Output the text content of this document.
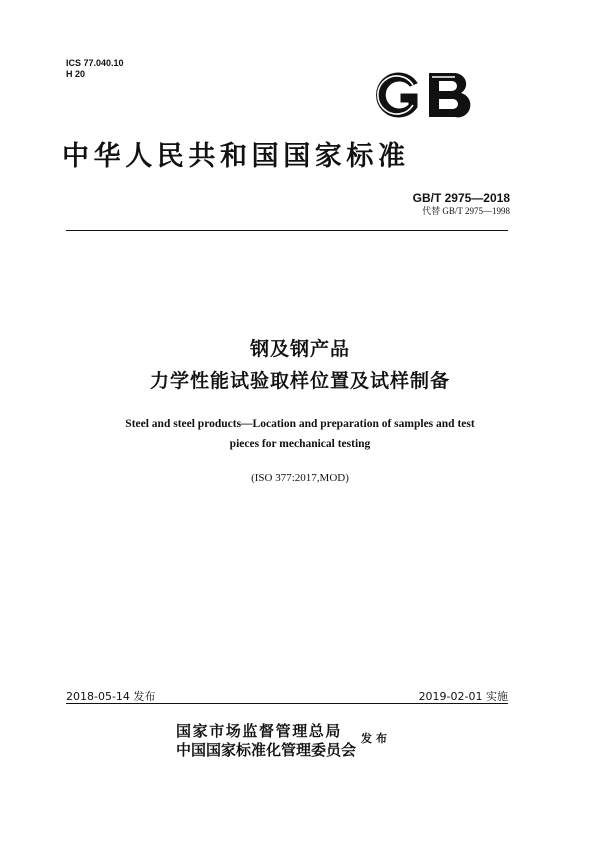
ICS 77.040.10
H 20
中华人民共和国国家标准
GB/T 2975—2018
代替 GB/T 2975—1998
钢及钢产品
力学性能试验取样位置及试样制备
Steel and steel products—Location and preparation of samples and test
pieces for mechanical testing
(ISO 377:2017,MOD)
2018-05-14 发布	2019-02-01 实施
国家市场监督管理总局
中国国家标准化管理委员会
发布
